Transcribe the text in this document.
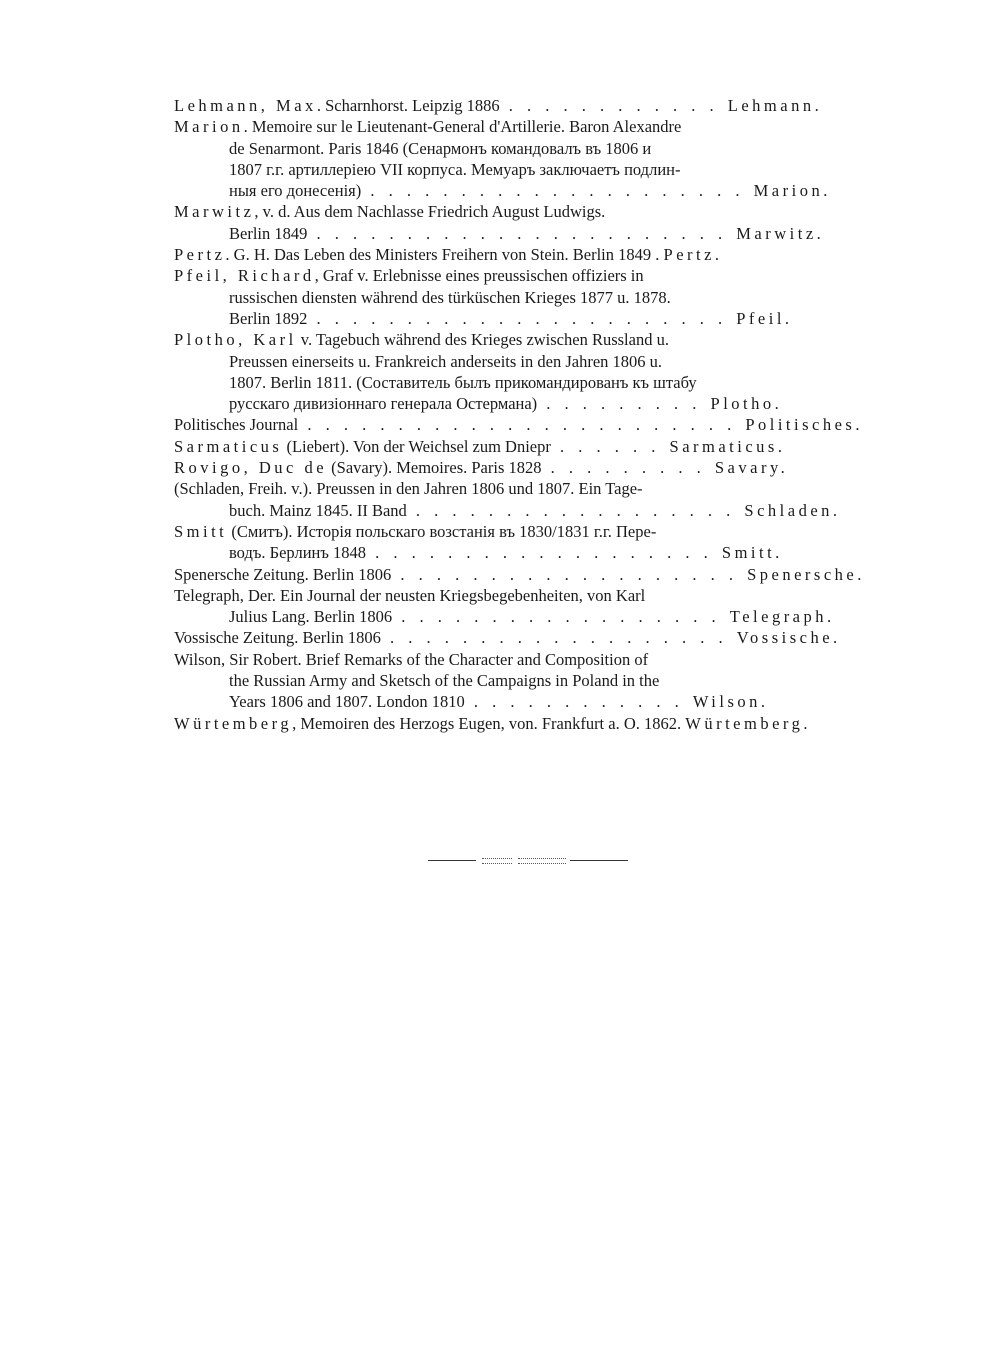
Lehmann, Max. Scharnhorst. Leipzig 1886 . . . . . . . . . . . . Lehmann.
Marion. Memoire sur le Lieutenant-General d'Artillerie. Baron Alexandre
de Senarmont. Paris 1846 (Сенармонъ командовалъ въ 1806 и
1807 г.г. артиллеріею VII корпуса. Мемуаръ заключаетъ подлин-
ныя его донесенія) . . . . . . . . . . . . . . . . . . . . . Marion.
Marwitz, v. d. Aus dem Nachlasse Friedrich August Ludwigs.
Berlin 1849 . . . . . . . . . . . . . . . . . . . . . . . Marwitz.
Pertz. G. H. Das Leben des Ministers Freihern von Stein. Berlin 1849 . Pertz.
Pfeil, Richard, Graf v. Erlebnisse eines preussischen offiziers in
russischen diensten während des türküschen Krieges 1877 u. 1878.
Berlin 1892 . . . . . . . . . . . . . . . . . . . . . . . Pfeil.
Plotho, Karl v. Tagebuch während des Krieges zwischen Russland u.
Preussen einerseits u. Frankreich anderseits in den Jahren 1806 u.
1807. Berlin 1811. (Составитель былъ прикомандированъ къ штабу
русскаго дивизіоннаго генерала Остермана) . . . . . . . . . Plotho.
Politisches Journal . . . . . . . . . . . . . . . . . . . . . . . . Politisches.
Sarmaticus (Liebert). Von der Weichsel zum Dniepr . . . . . . Sarmaticus.
Rovigo, Duc de (Savary). Memoires. Paris 1828 . . . . . . . . . Savary.
(Schladen, Freih. v.). Preussen in den Jahren 1806 und 1807. Ein Tage-
buch. Mainz 1845. II Band . . . . . . . . . . . . . . . . . . Schladen.
Smitt (Смитъ). Исторія польскаго возстанія въ 1830/1831 г.г. Пере-
водъ. Берлинъ 1848 . . . . . . . . . . . . . . . . . . . Smitt.
Spenersche Zeitung. Berlin 1806 . . . . . . . . . . . . . . . . . . . Spenersche.
Telegraph, Der. Ein Journal der neusten Kriegsbegebenheiten, von Karl
Julius Lang. Berlin 1806 . . . . . . . . . . . . . . . . . . Telegraph.
Vossische Zeitung. Berlin 1806 . . . . . . . . . . . . . . . . . . . Vossische.
Wilson, Sir Robert. Brief Remarks of the Character and Composition of
the Russian Army and Sketsch of the Campaigns in Poland in the
Years 1806 and 1807. London 1810 . . . . . . . . . . . . Wilson.
Würtemberg, Memoiren des Herzogs Eugen, von. Frankfurt a. O. 1862. Würtemberg.
